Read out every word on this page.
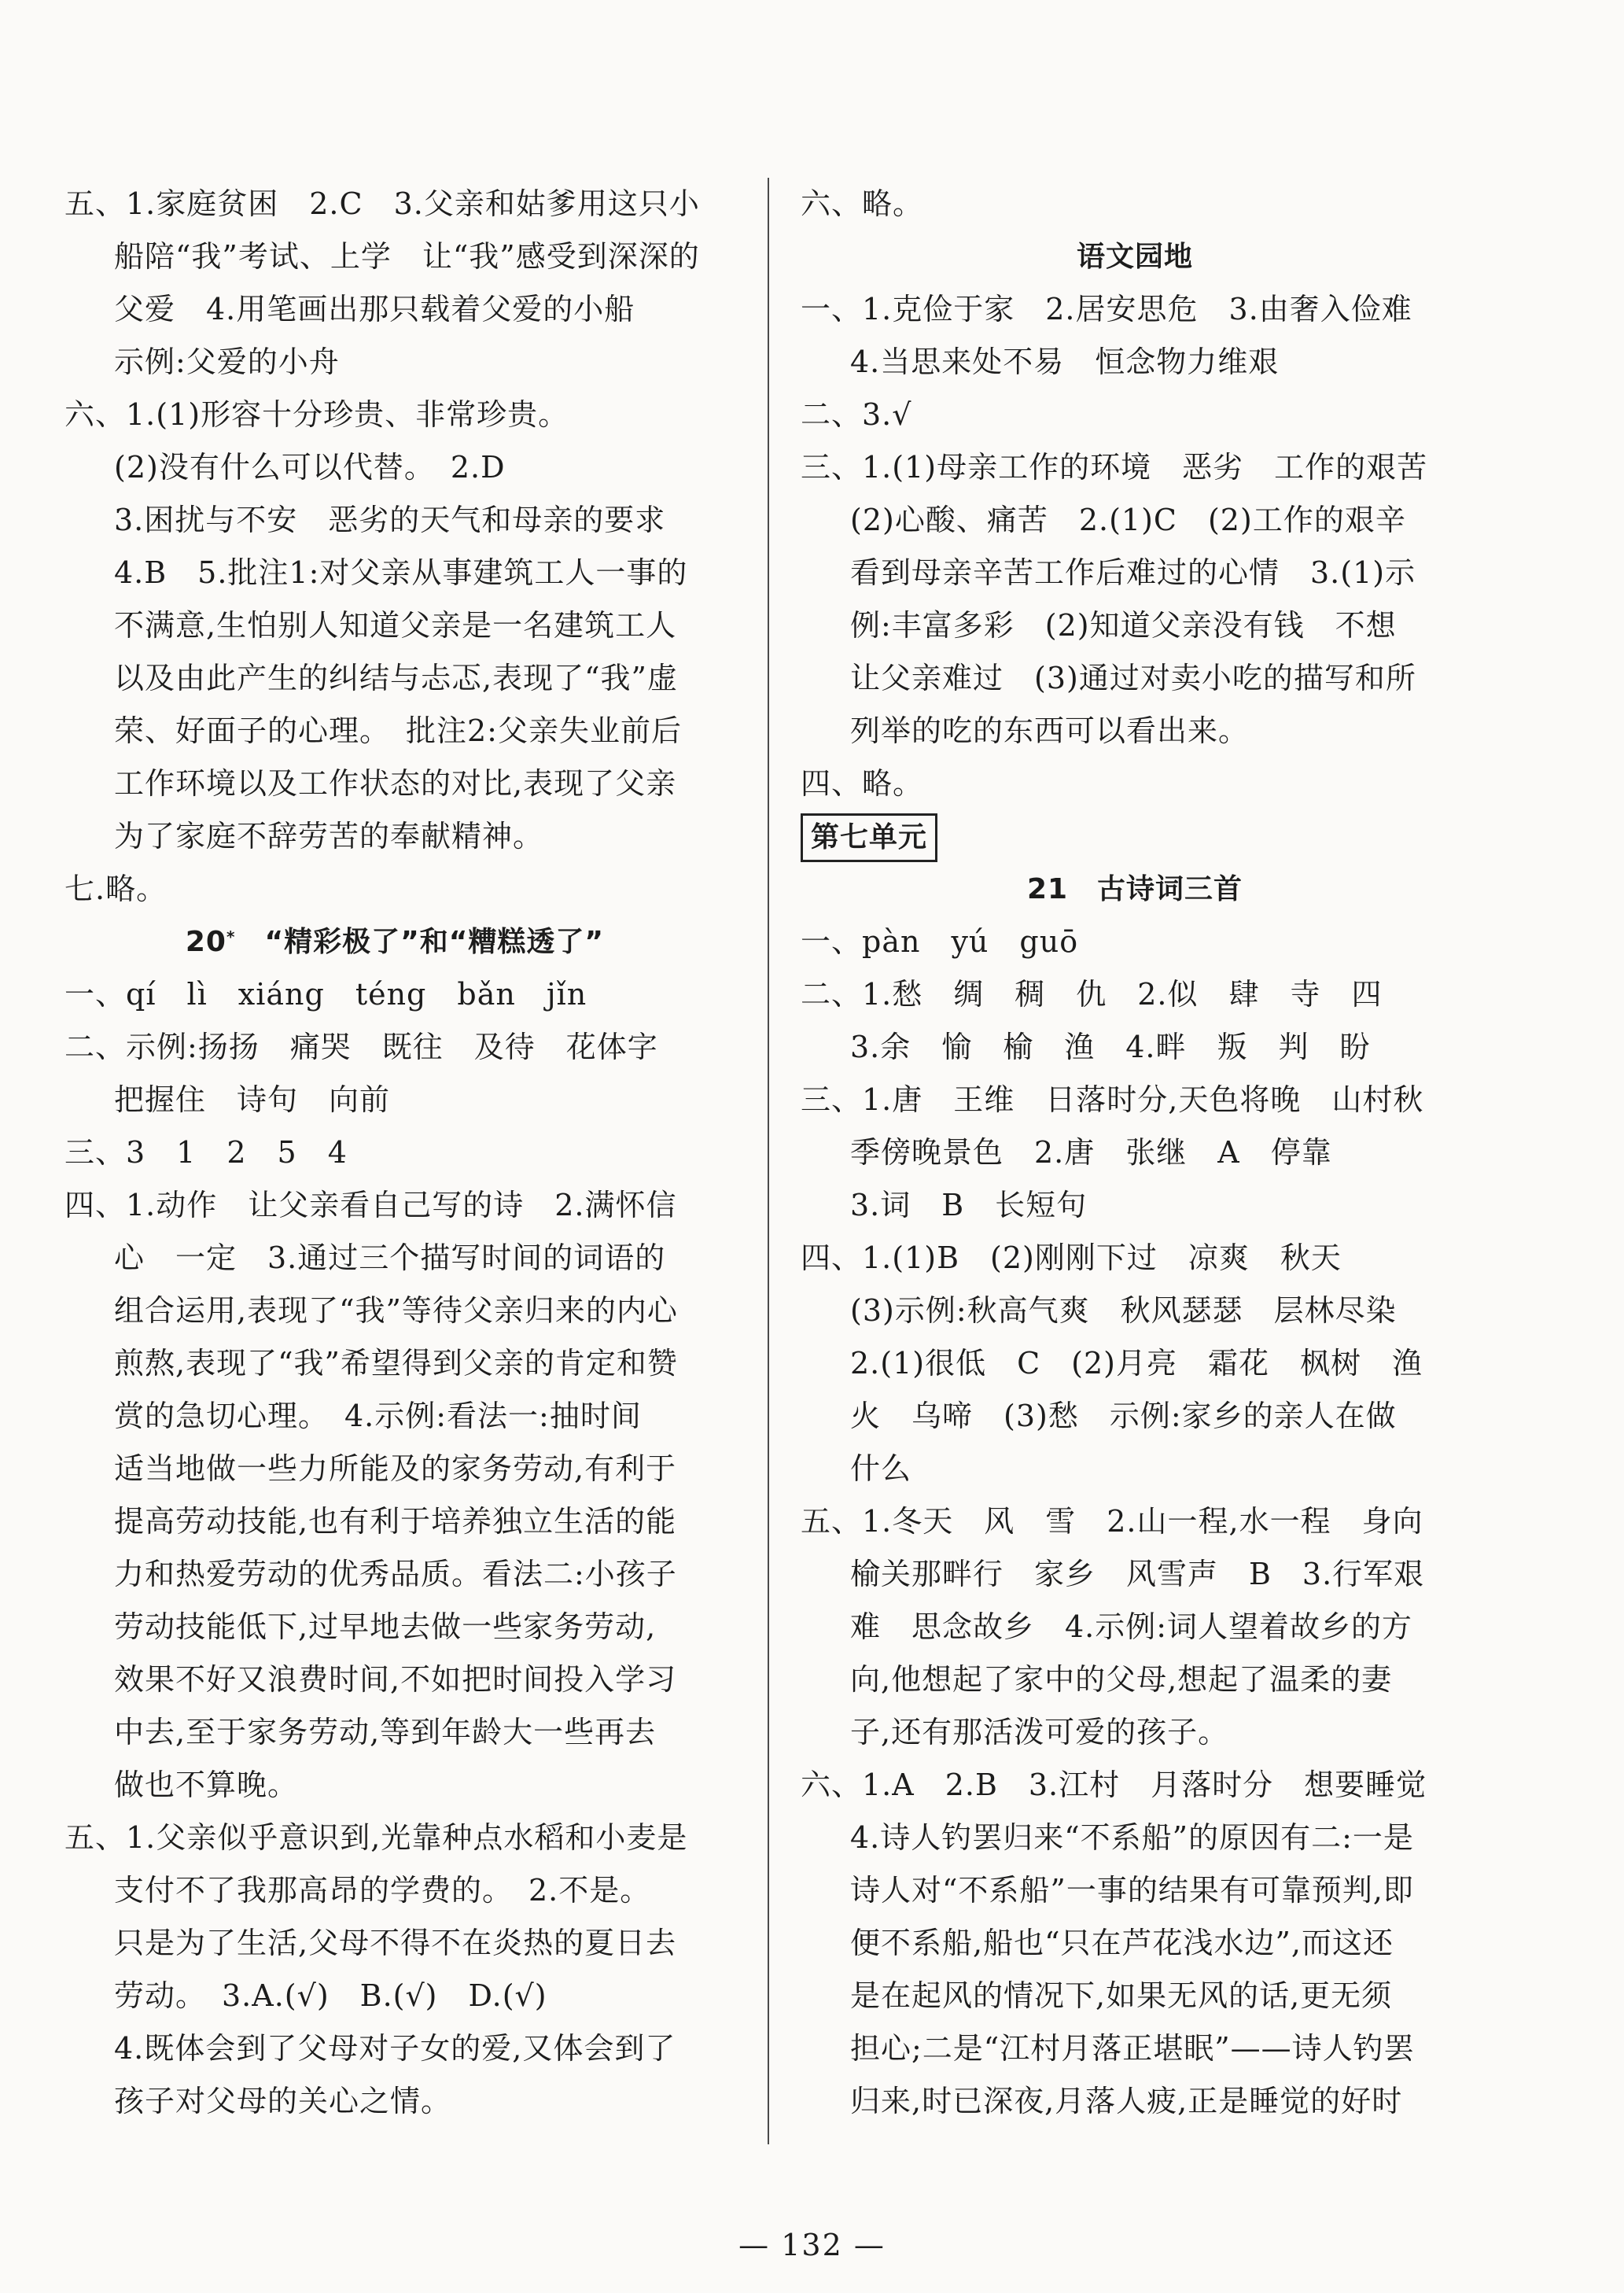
五、1.家庭贫困　2.C　3.父亲和姑爹用这只小
船陪“我”考试、上学　让“我”感受到深深的
父爱　4.用笔画出那只载着父爱的小船
示例:父爱的小舟
六、1.(1)形容十分珍贵、非常珍贵。
(2)没有什么可以代替。　2.D
3.困扰与不安　恶劣的天气和母亲的要求
4.B　5.批注1:对父亲从事建筑工人一事的
不满意,生怕别人知道父亲是一名建筑工人
以及由此产生的纠结与忐忑,表现了“我”虚
荣、好面子的心理。　批注2:父亲失业前后
工作环境以及工作状态的对比,表现了父亲
为了家庭不辞劳苦的奉献精神。
七.略。
20*  “精彩极了”和“糟糕透了”
一、qí　lì　xiáng　téng　bǎn　jǐn
二、示例:扬扬　痛哭　既往　及待　花体字
把握住　诗句　向前
三、3　1　2　5　4
四、1.动作　让父亲看自己写的诗　2.满怀信
心　一定　3.通过三个描写时间的词语的
组合运用,表现了“我”等待父亲归来的内心
煎熬,表现了“我”希望得到父亲的肯定和赞
赏的急切心理。　4.示例:看法一:抽时间
适当地做一些力所能及的家务劳动,有利于
提高劳动技能,也有利于培养独立生活的能
力和热爱劳动的优秀品质。看法二:小孩子
劳动技能低下,过早地去做一些家务劳动,
效果不好又浪费时间,不如把时间投入学习
中去,至于家务劳动,等到年龄大一些再去
做也不算晚。
五、1.父亲似乎意识到,光靠种点水稻和小麦是
支付不了我那高昂的学费的。　2.不是。
只是为了生活,父母不得不在炎热的夏日去
劳动。　3.A.(√)　B.(√)　D.(√)
4.既体会到了父母对子女的爱,又体会到了
孩子对父母的关心之情。
六、略。
语文园地
一、1.克俭于家　2.居安思危　3.由奢入俭难
4.当思来处不易　恒念物力维艰
二、3.√
三、1.(1)母亲工作的环境　恶劣　工作的艰苦
(2)心酸、痛苦　2.(1)C　(2)工作的艰辛
看到母亲辛苦工作后难过的心情　3.(1)示
例:丰富多彩　(2)知道父亲没有钱　不想
让父亲难过　(3)通过对卖小吃的描写和所
列举的吃的东西可以看出来。
四、略。
第七单元
21  古诗词三首
一、pàn　yú　guō
二、1.愁　绸　稠　仇　2.似　肆　寺　四
3.余　愉　榆　渔　4.畔　叛　判　盼
三、1.唐　王维　日落时分,天色将晚　山村秋
季傍晚景色　2.唐　张继　A　停靠
3.词　B　长短句
四、1.(1)B　(2)刚刚下过　凉爽　秋天
(3)示例:秋高气爽　秋风瑟瑟　层林尽染
2.(1)很低　C　(2)月亮　霜花　枫树　渔
火　乌啼　(3)愁　示例:家乡的亲人在做
什么
五、1.冬天　风　雪　2.山一程,水一程　身向
榆关那畔行　家乡　风雪声　B　3.行军艰
难　思念故乡　4.示例:词人望着故乡的方
向,他想起了家中的父母,想起了温柔的妻
子,还有那活泼可爱的孩子。
六、1.A　2.B　3.江村　月落时分　想要睡觉
4.诗人钓罢归来“不系船”的原因有二:一是
诗人对“不系船”一事的结果有可靠预判,即
便不系船,船也“只在芦花浅水边”,而这还
是在起风的情况下,如果无风的话,更无须
担心;二是“江村月落正堪眠”——诗人钓罢
归来,时已深夜,月落人疲,正是睡觉的好时
— 132 —
